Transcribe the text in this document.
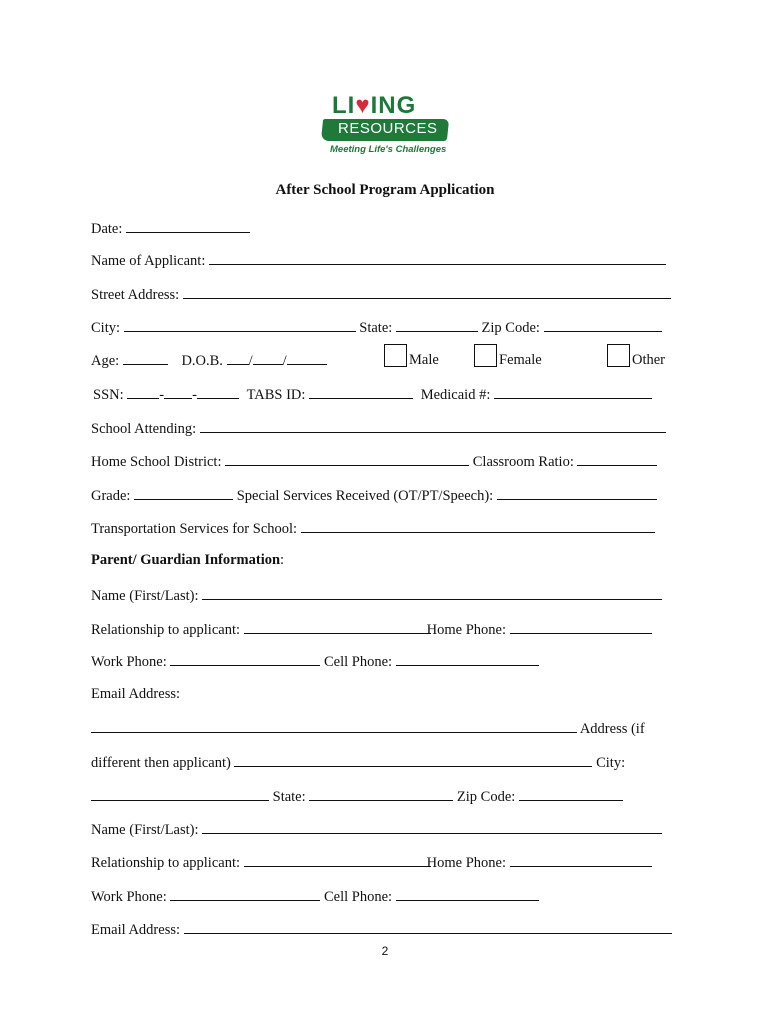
LI♥ING
RESOURCES
Meeting Life's Challenges
After School Program Application
Date:
Name of Applicant:
Street Address:
City:	State:	Zip Code:
Age:	D.O.B. / /	Male	Female	Other
SSN: - -	TABS ID:	Medicaid #:
School Attending:
Home School District:	Classroom Ratio:
Grade:	Special Services Received (OT/PT/Speech):
Transportation Services for School:
Parent/ Guardian Information:
Name (First/Last):
Relationship to applicant:	Home Phone:
Work Phone:	Cell Phone:
Email Address:
Address (if
different then applicant)	City:
State:	Zip Code:
Name (First/Last):
Relationship to applicant:	Home Phone:
Work Phone:	Cell Phone:
Email Address:
2
